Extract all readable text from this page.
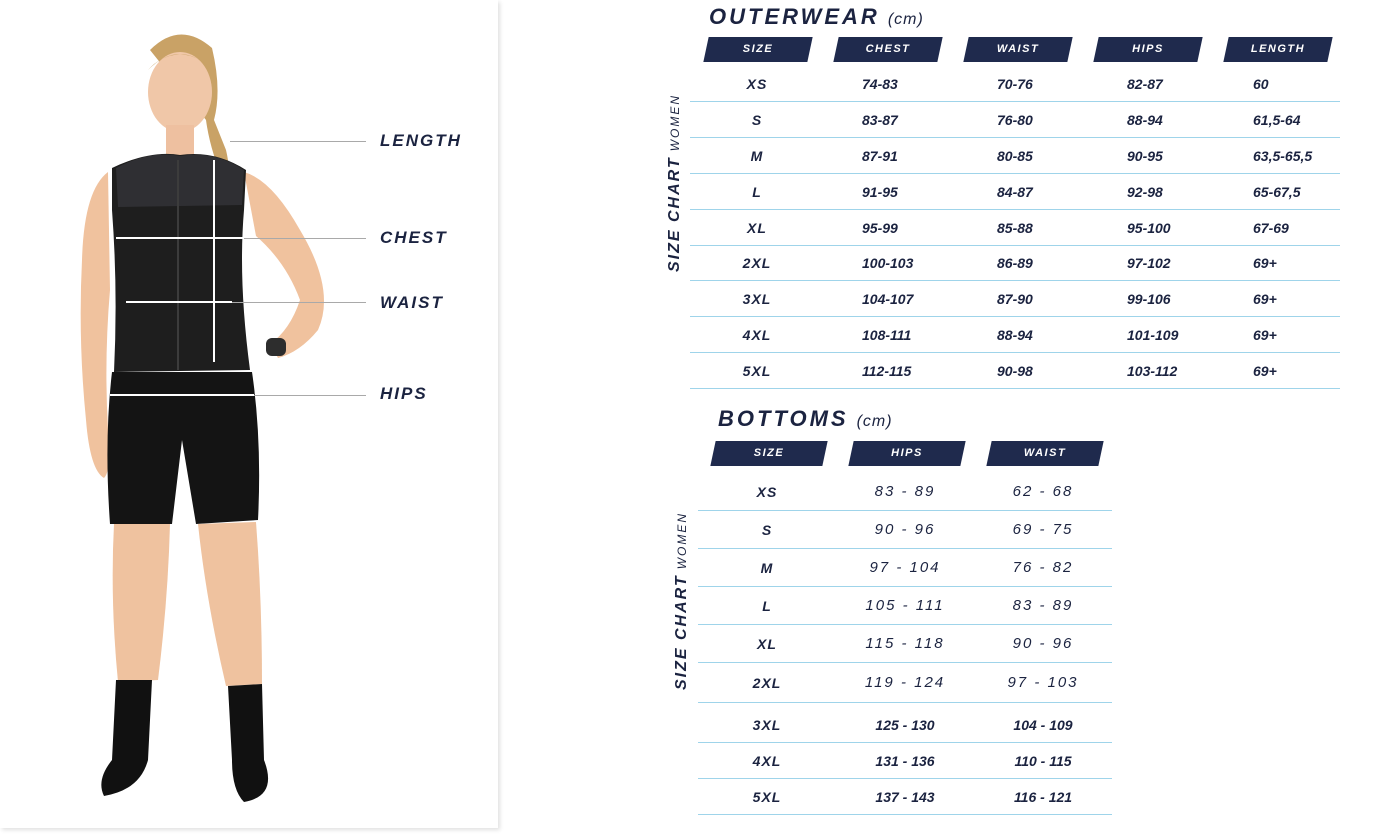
LENGTH
CHEST
WAIST
HIPS
OUTERWEAR (cm)
SIZE CHARTWOMEN
SIZE	CHEST	WAIST	HIPS	LENGTH
XS	74-83	70-76	82-87	60
S	83-87	76-80	88-94	61,5-64
M	87-91	80-85	90-95	63,5-65,5
L	91-95	84-87	92-98	65-67,5
XL	95-99	85-88	95-100	67-69
2XL	100-103	86-89	97-102	69+
3XL	104-107	87-90	99-106	69+
4XL	108-111	88-94	101-109	69+
5XL	112-115	90-98	103-112	69+
BOTTOMS (cm)
SIZE CHARTWOMEN
SIZE	HIPS	WAIST
XS	83 - 89	62 - 68
S	90 - 96	69 - 75
M	97 - 104	76 - 82
L	105 - 111	83 - 89
XL	115 - 118	90 - 96
2XL	119 - 124	97 - 103
3XL	125 - 130	104 - 109
4XL	131 - 136	110 - 115
5XL	137 - 143	116 - 121
